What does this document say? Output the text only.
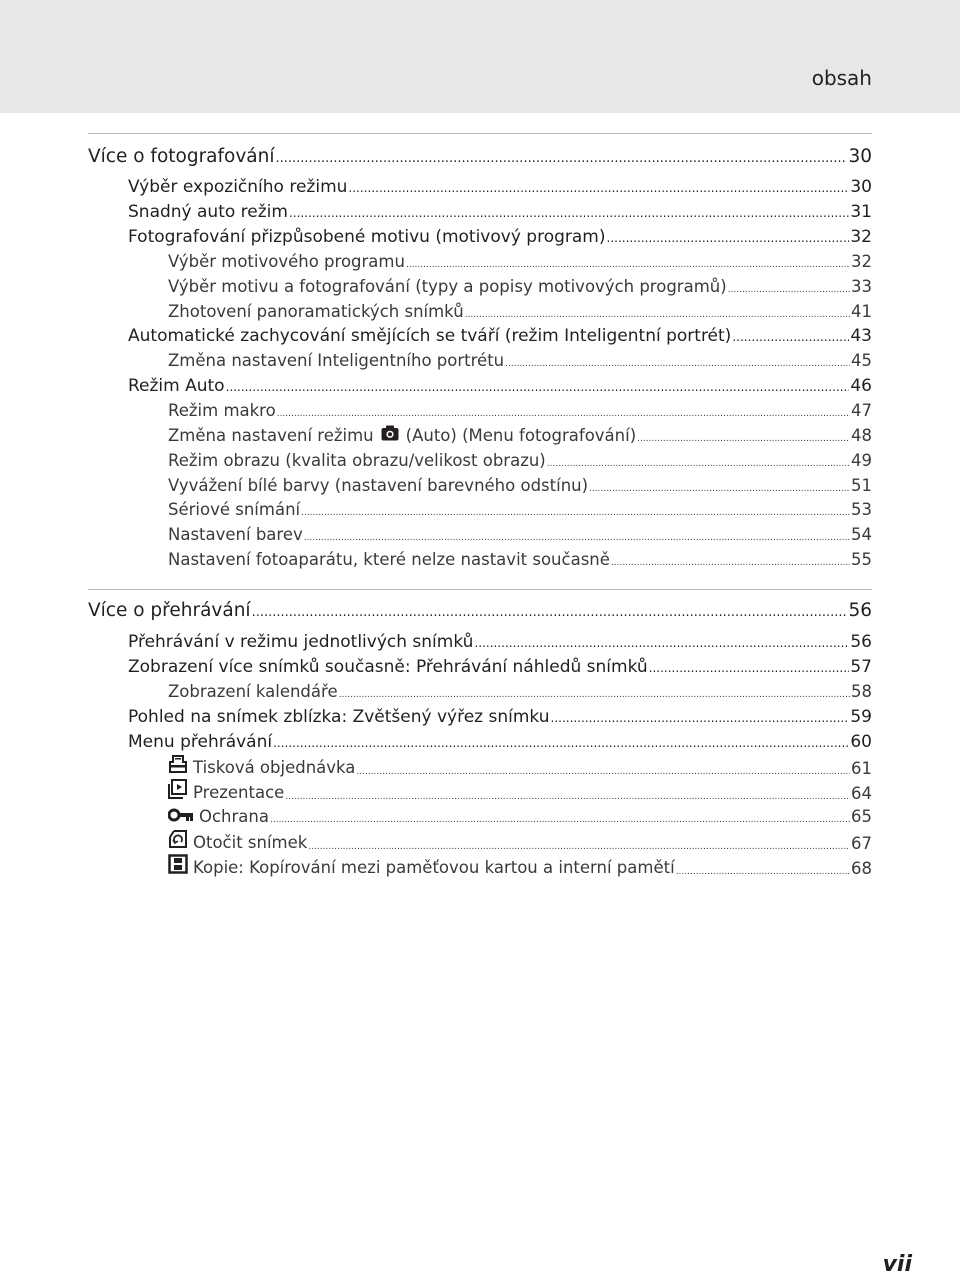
obsah
Více o fotografování .....	30
Výběr expozičního režimu .....	30
Snadný auto režim .....	31
Fotografování přizpůsobené motivu (motivový program) .....	32
Výběr motivového programu .....	32
Výběr motivu a fotografování (typy a popisy motivových programů) .....	33
Zhotovení panoramatických snímků .....	41
Automatické zachycování smějících se tváří (režim Inteligentní portrét) .....	43
Změna nastavení Inteligentního portrétu .....	45
Režim Auto .....	46
Režim makro .....	47
Změna nastavení režimu (Auto) (Menu fotografování) .....	48
Režim obrazu (kvalita obrazu/velikost obrazu) .....	49
Vyvážení bílé barvy (nastavení barevného odstínu) .....	51
Sériové snímání .....	53
Nastavení barev .....	54
Nastavení fotoaparátu, které nelze nastavit současně .....	55
Více o přehrávání .....	56
Přehrávání v režimu jednotlivých snímků .....	56
Zobrazení více snímků současně: Přehrávání náhledů snímků .....	57
Zobrazení kalendáře .....	58
Pohled na snímek zblízka: Zvětšený výřez snímku .....	59
Menu přehrávání .....	60
Tisková objednávka .....	61
Prezentace .....	64
Ochrana .....	65
Otočit snímek .....	67
Kopie: Kopírování mezi paměťovou kartou a interní pamětí .....	68
vii
